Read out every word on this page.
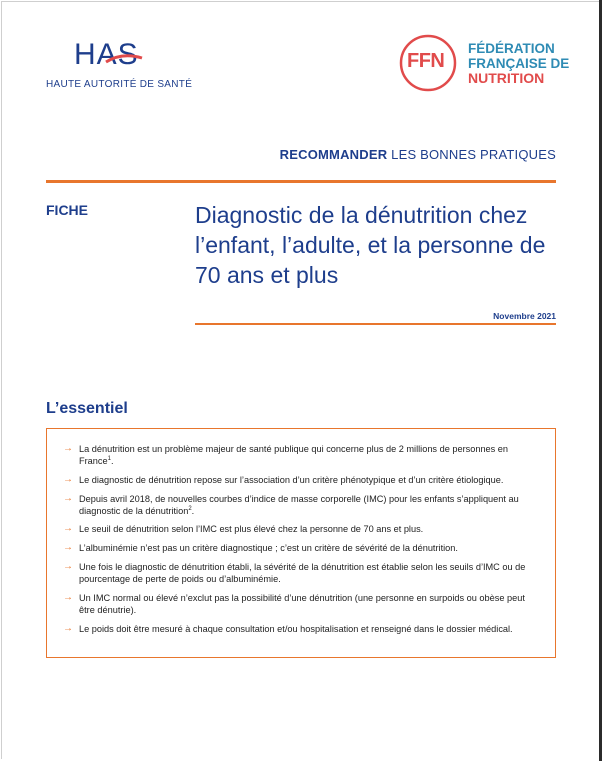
HAS
HAUTE AUTORITÉ DE SANTÉ
FFN
FÉDÉRATION
FRANÇAISE DE
NUTRITION
RECOMMANDER LES BONNES PRATIQUES
FICHE	Diagnostic de la dénutrition chez l’enfant, l’adulte, et la personne de 70 ans et plus
Novembre 2021
L’essentiel
→ La dénutrition est un problème majeur de santé publique qui concerne plus de 2 millions de personnes en France$^1$.
→ Le diagnostic de dénutrition repose sur l’association d’un critère phénotypique et d’un critère étiologique.
→ Depuis avril 2018, de nouvelles courbes d’indice de masse corporelle (IMC) pour les enfants s’appliquent au diagnostic de la dénutrition$^2$.
→ Le seuil de dénutrition selon l’IMC est plus élevé chez la personne de 70 ans et plus.
→ L’albuminémie n’est pas un critère diagnostique ; c’est un critère de sévérité de la dénutrition.
→ Une fois le diagnostic de dénutrition établi, la sévérité de la dénutrition est établie selon les seuils d’IMC ou de pourcentage de perte de poids ou d’albuminémie.
→ Un IMC normal ou élevé n’exclut pas la possibilité d’une dénutrition (une personne en surpoids ou obèse peut être dénutrie).
→ Le poids doit être mesuré à chaque consultation et/ou hospitalisation et renseigné dans le dossier médical.
